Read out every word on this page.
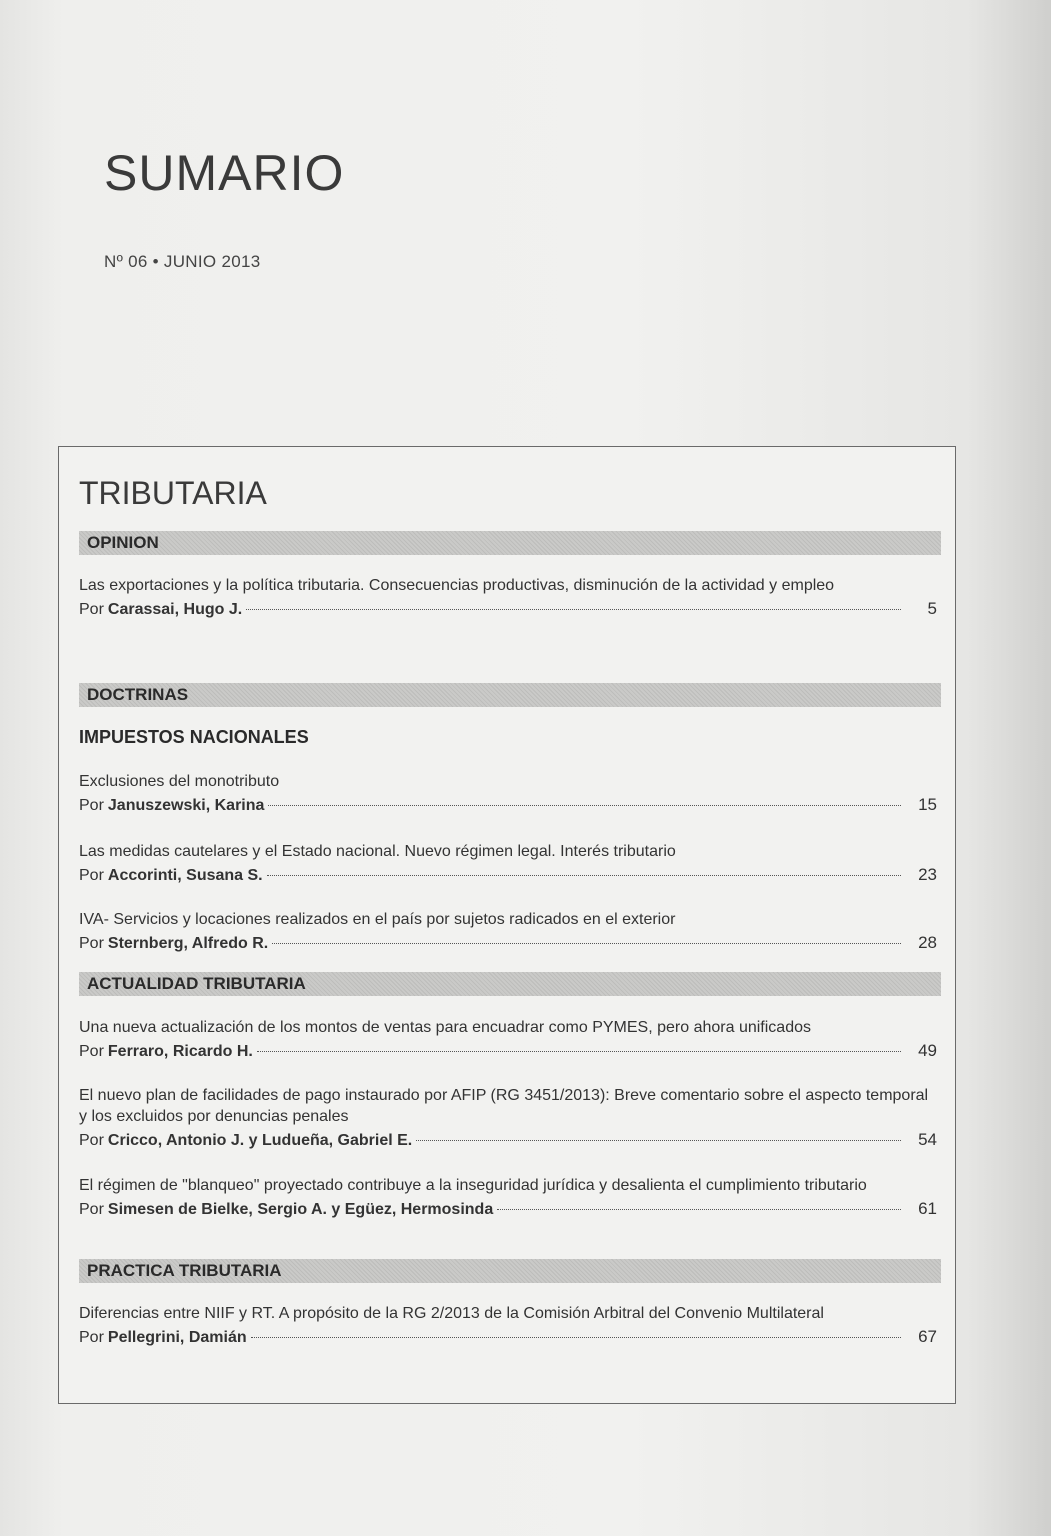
SUMARIO
Nº 06 • JUNIO 2013
TRIBUTARIA
OPINION
Las exportaciones y la política tributaria. Consecuencias productivas, disminución de la actividad y empleo
Por Carassai, Hugo J.	5
DOCTRINAS
IMPUESTOS NACIONALES
Exclusiones del monotributo
Por Januszewski, Karina	15
Las medidas cautelares y el Estado nacional. Nuevo régimen legal. Interés tributario
Por Accorinti, Susana S.	23
IVA- Servicios y locaciones realizados en el país por sujetos radicados en el exterior
Por Sternberg, Alfredo R.	28
ACTUALIDAD TRIBUTARIA
Una nueva actualización de los montos de ventas para encuadrar como PYMES, pero ahora unificados
Por Ferraro, Ricardo H.	49
El nuevo plan de facilidades de pago instaurado por AFIP (RG 3451/2013): Breve comentario sobre el aspecto temporal y los excluidos por denuncias penales
Por Cricco, Antonio J. y Ludueña, Gabriel E.	54
El régimen de "blanqueo" proyectado contribuye a la inseguridad jurídica y desalienta el cumplimiento tributario
Por Simesen de Bielke, Sergio A. y Egüez, Hermosinda	61
PRACTICA TRIBUTARIA
Diferencias entre NIIF y RT. A propósito de la RG 2/2013 de la Comisión Arbitral del Convenio Multilateral
Por Pellegrini, Damián	67
